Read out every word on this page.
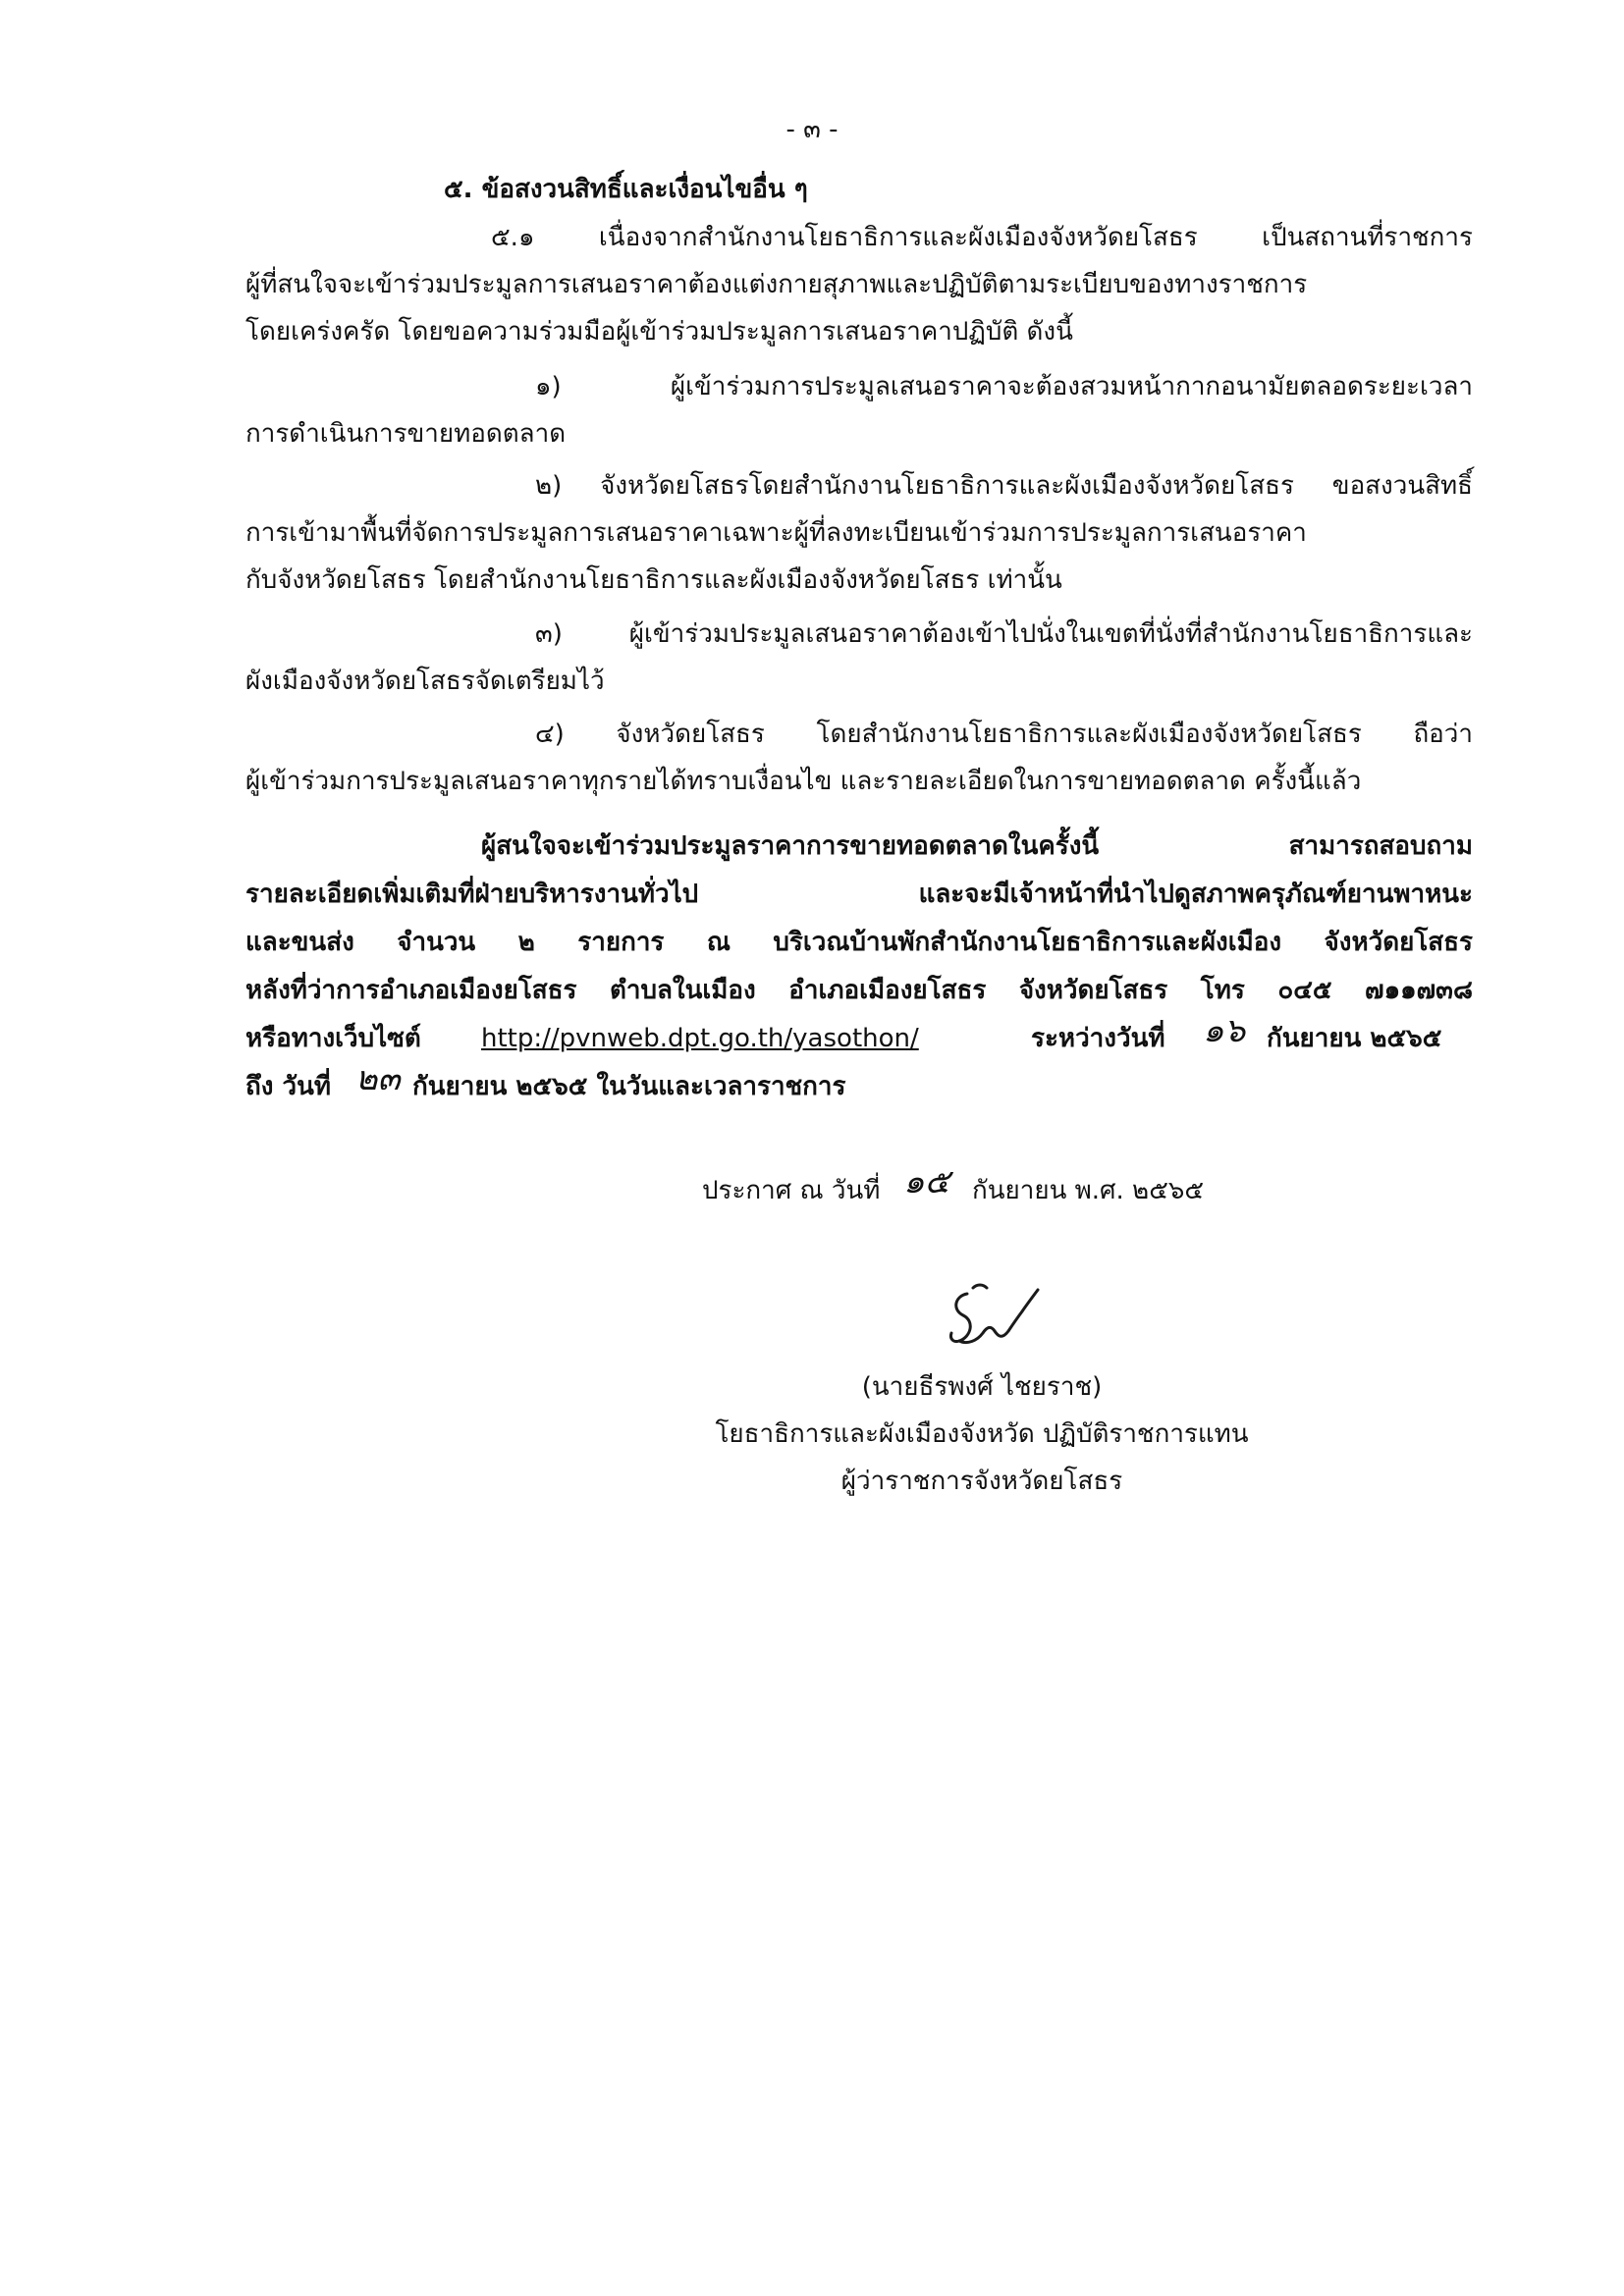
- ๓ -
๕. ข้อสงวนสิทธิ์และเงื่อนไขอื่น ๆ
๕.๑ เนื่องจากสำนักงานโยธาธิการและผังเมืองจังหวัดยโสธร เป็นสถานที่ราชการ
ผู้ที่สนใจจะเข้าร่วมประมูลการเสนอราคาต้องแต่งกายสุภาพและปฏิบัติตามระเบียบของทางราชการ
โดยเคร่งครัด โดยขอความร่วมมือผู้เข้าร่วมประมูลการเสนอราคาปฏิบัติ ดังนี้
๑) ผู้เข้าร่วมการประมูลเสนอราคาจะต้องสวมหน้ากากอนามัยตลอดระยะเวลา
การดำเนินการขายทอดตลาด
๒) จังหวัดยโสธรโดยสำนักงานโยธาธิการและผังเมืองจังหวัดยโสธร ขอสงวนสิทธิ์
การเข้ามาพื้นที่จัดการประมูลการเสนอราคาเฉพาะผู้ที่ลงทะเบียนเข้าร่วมการประมูลการเสนอราคา
กับจังหวัดยโสธร โดยสำนักงานโยธาธิการและผังเมืองจังหวัดยโสธร เท่านั้น
๓) ผู้เข้าร่วมประมูลเสนอราคาต้องเข้าไปนั่งในเขตที่นั่งที่สำนักงานโยธาธิการและ
ผังเมืองจังหวัดยโสธรจัดเตรียมไว้
๔) จังหวัดยโสธร โดยสำนักงานโยธาธิการและผังเมืองจังหวัดยโสธร ถือว่า
ผู้เข้าร่วมการประมูลเสนอราคาทุกรายได้ทราบเงื่อนไข และรายละเอียดในการขายทอดตลาด ครั้งนี้แล้ว
ผู้สนใจจะเข้าร่วมประมูลราคาการขายทอดตลาดในครั้งนี้ สามารถสอบถาม
รายละเอียดเพิ่มเติมที่ฝ่ายบริหารงานทั่วไป และจะมีเจ้าหน้าที่นำไปดูสภาพครุภัณฑ์ยานพาหนะ
และขนส่ง จำนวน ๒ รายการ ณ บริเวณบ้านพักสำนักงานโยธาธิการและผังเมือง จังหวัดยโสธร
หลังที่ว่าการอำเภอเมืองยโสธร ตำบลในเมือง อำเภอเมืองยโสธร จังหวัดยโสธร โทร ๐๔๕ ๗๑๑๗๓๘
หรือทางเว็บไซต์ http://pvnweb.dpt.go.th/yasothon/	ระหว่างวันที่ ๑๖ กันยายน ๒๕๖๕
ถึง วันที่ ๒๓ กันยายน ๒๕๖๕ ในวันและเวลาราชการ
ประกาศ ณ วันที่ ๑๕ กันยายน พ.ศ. ๒๕๖๕
(นายธีรพงศ์ ไชยราช)
โยธาธิการและผังเมืองจังหวัด ปฏิบัติราชการแทน
ผู้ว่าราชการจังหวัดยโสธร
